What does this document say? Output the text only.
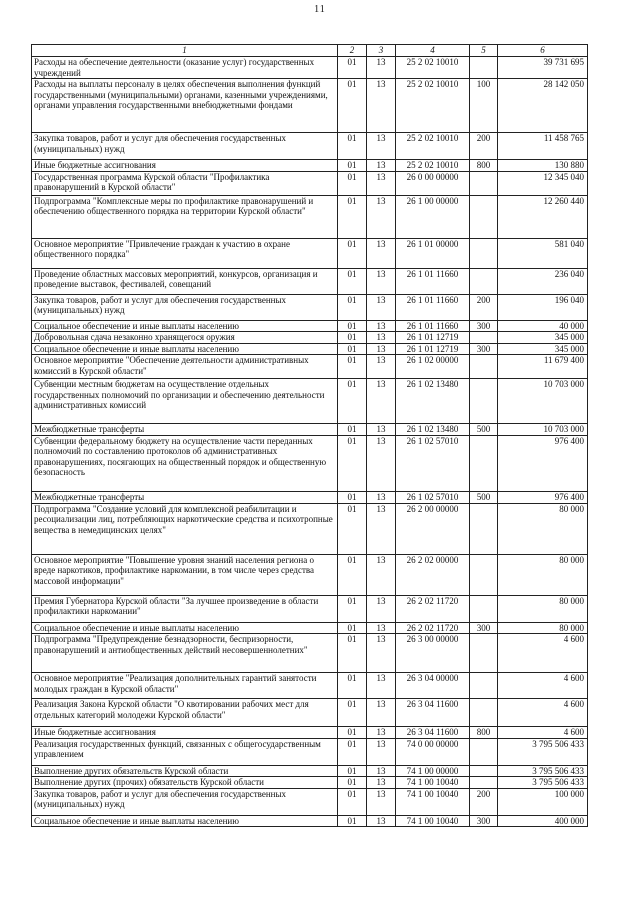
11
1	2	3	4	5	6
Расходы на обеспечение деятельности (оказание услуг) государственных учреждений	01	13	25 2 02 10010		39 731 695
Расходы на выплаты персоналу в целях обеспечения выполнения функций государственными (муниципальными) органами, казенными учреждениями, органами управления государственными внебюджетными фондами	01	13	25 2 02 10010	100	28 142 050
Закупка товаров, работ и услуг для обеспечения государственных (муниципальных) нужд	01	13	25 2 02 10010	200	11 458 765
Иные бюджетные ассигнования	01	13	25 2 02 10010	800	130 880
Государственная программа Курской области "Профилактика правонарушений в Курской области"	01	13	26 0 00 00000		12 345 040
Подпрограмма "Комплексные меры по профилактике правонарушений и обеспечению общественного порядка на территории Курской области"	01	13	26 1 00 00000		12 260 440
Основное мероприятие "Привлечение граждан к участию в охране общественного порядка"	01	13	26 1 01 00000		581 040
Проведение областных массовых мероприятий, конкурсов, организация и проведение выставок, фестивалей, совещаний	01	13	26 1 01 11660		236 040
Закупка товаров, работ и услуг для обеспечения государственных (муниципальных) нужд	01	13	26 1 01 11660	200	196 040
Социальное обеспечение и иные выплаты населению	01	13	26 1 01 11660	300	40 000
Добровольная сдача незаконно хранящегося оружия	01	13	26 1 01 12719		345 000
Социальное обеспечение и иные выплаты населению	01	13	26 1 01 12719	300	345 000
Основное мероприятие "Обеспечение деятельности административных комиссий в Курской области"	01	13	26 1 02 00000		11 679 400
Субвенции местным бюджетам на осуществление отдельных государственных полномочий по организации и обеспечению деятельности административных комиссий	01	13	26 1 02 13480		10 703 000
Межбюджетные трансферты	01	13	26 1 02 13480	500	10 703 000
Субвенции федеральному бюджету на осуществление части переданных полномочий по составлению протоколов об административных правонарушениях, посягающих на общественный порядок и общественную безопасность	01	13	26 1 02 57010		976 400
Межбюджетные трансферты	01	13	26 1 02 57010	500	976 400
Подпрограмма "Создание условий для комплексной реабилитации и ресоциализации лиц, потребляющих наркотические средства и психотропные вещества в немедицинских целях"	01	13	26 2 00 00000		80 000
Основное мероприятие "Повышение уровня знаний населения региона о вреде наркотиков, профилактике наркомании, в том числе через средства массовой информации"	01	13	26 2 02 00000		80 000
Премия Губернатора Курской области "За лучшее произведение в области профилактики наркомании"	01	13	26 2 02 11720		80 000
Социальное обеспечение и иные выплаты населению	01	13	26 2 02 11720	300	80 000
Подпрограмма "Предупреждение безнадзорности, беспризорности, правонарушений и антиобщественных действий несовершеннолетних"	01	13	26 3 00 00000		4 600
Основное мероприятие "Реализация дополнительных гарантий занятости молодых граждан в Курской области"	01	13	26 3 04 00000		4 600
Реализация Закона Курской области "О квотировании рабочих мест для отдельных категорий молодежи Курской области"	01	13	26 3 04 11600		4 600
Иные бюджетные ассигнования	01	13	26 3 04 11600	800	4 600
Реализация государственных функций, связанных с общегосударственным управлением	01	13	74 0 00 00000		3 795 506 433
Выполнение других обязательств Курской области	01	13	74 1 00 00000		3 795 506 433
Выполнение других (прочих) обязательств Курской области	01	13	74 1 00 10040		3 795 506 433
Закупка товаров, работ и услуг для обеспечения государственных (муниципальных) нужд	01	13	74 1 00 10040	200	100 000
Социальное обеспечение и иные выплаты населению	01	13	74 1 00 10040	300	400 000
